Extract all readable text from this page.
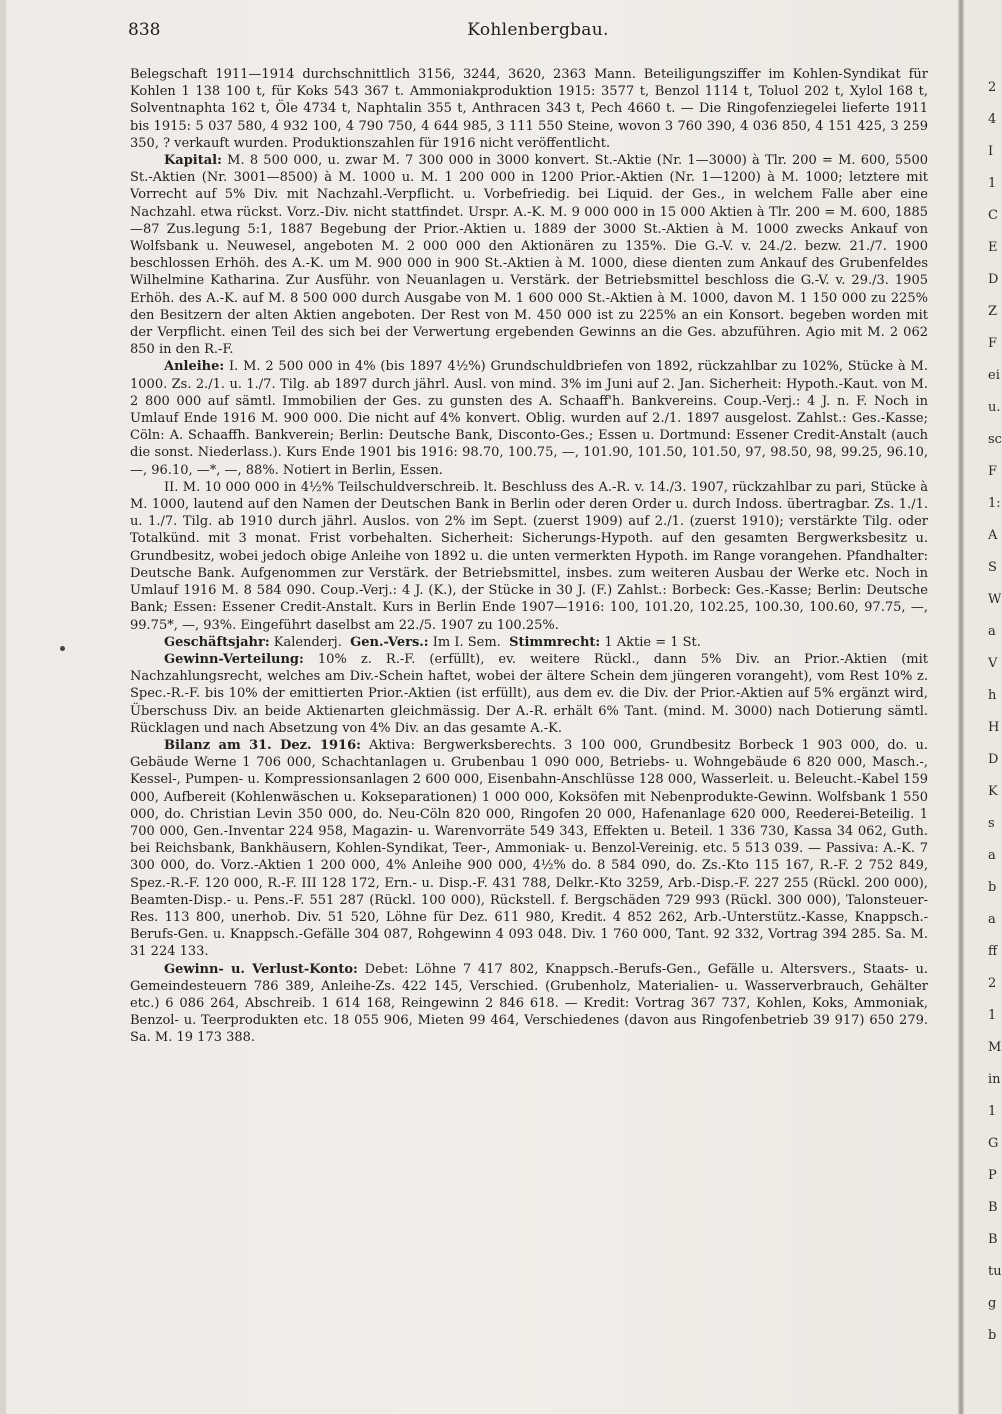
838	Kohlenbergbau.

Belegschaft 1911—1914 durchschnittlich 3156, 3244, 3620, 2363 Mann. Beteiligungsziffer im Kohlen-Syndikat für Kohlen 1 138 100 t, für Koks 543 367 t. Ammoniakproduktion 1915: 3577 t, Benzol 1114 t, Toluol 202 t, Xylol 168 t, Solventnaphta 162 t, Öle 4734 t, Naphtalin 355 t, Anthracen 343 t, Pech 4660 t. — Die Ringofenziegelei lieferte 1911 bis 1915: 5 037 580, 4 932 100, 4 790 750, 4 644 985, 3 111 550 Steine, wovon 3 760 390, 4 036 850, 4 151 425, 3 259 350, ? verkauft wurden. Produktionszahlen für 1916 nicht veröffentlicht.

Kapital: M. 8 500 000, u. zwar M. 7 300 000 in 3000 konvert. St.-Aktie (Nr. 1—3000) à Tlr. 200 = M. 600, 5500 St.-Aktien (Nr. 3001—8500) à M. 1000 u. M. 1 200 000 in 1200 Prior.-Aktien (Nr. 1—1200) à M. 1000; letztere mit Vorrecht auf 5% Div. mit Nachzahl.-Verpflicht. u. Vorbefriedig. bei Liquid. der Ges., in welchem Falle aber eine Nachzahl. etwa rückst. Vorz.-Div. nicht stattfindet. Urspr. A.-K. M. 9 000 000 in 15 000 Aktien à Tlr. 200 = M. 600, 1885—87 Zus.legung 5:1, 1887 Begebung der Prior.-Aktien u. 1889 der 3000 St.-Aktien à M. 1000 zwecks Ankauf von Wolfsbank u. Neuwesel, angeboten M. 2 000 000 den Aktionären zu 135%. Die G.-V. v. 24./2. bezw. 21./7. 1900 beschlossen Erhöh. des A.-K. um M. 900 000 in 900 St.-Aktien à M. 1000, diese dienten zum Ankauf des Grubenfeldes Wilhelmine Katharina. Zur Ausführ. von Neuanlagen u. Verstärk. der Betriebsmittel beschloss die G.-V. v. 29./3. 1905 Erhöh. des A.-K. auf M. 8 500 000 durch Ausgabe von M. 1 600 000 St.-Aktien à M. 1000, davon M. 1 150 000 zu 225% den Besitzern der alten Aktien angeboten. Der Rest von M. 450 000 ist zu 225% an ein Konsort. begeben worden mit der Verpflicht. einen Teil des sich bei der Verwertung ergebenden Gewinns an die Ges. abzuführen. Agio mit M. 2 062 850 in den R.-F.

Anleihe: I. M. 2 500 000 in 4% (bis 1897 4½%) Grundschuldbriefen von 1892, rückzahlbar zu 102%, Stücke à M. 1000. Zs. 2./1. u. 1./7. Tilg. ab 1897 durch jährl. Ausl. von mind. 3% im Juni auf 2. Jan. Sicherheit: Hypoth.-Kaut. von M. 2 800 000 auf sämtl. Immobilien der Ges. zu gunsten des A. Schaaff'h. Bankvereins. Coup.-Verj.: 4 J. n. F. Noch in Umlauf Ende 1916 M. 900 000. Die nicht auf 4% konvert. Oblig. wurden auf 2./1. 1897 ausgelost. Zahlst.: Ges.-Kasse; Cöln: A. Schaaffh. Bankverein; Berlin: Deutsche Bank, Disconto-Ges.; Essen u. Dortmund: Essener Credit-Anstalt (auch die sonst. Niederlass.). Kurs Ende 1901 bis 1916: 98.70, 100.75, —, 101.90, 101.50, 101.50, 97, 98.50, 98, 99.25, 96.10, —, 96.10, —*, —, 88%. Notiert in Berlin, Essen.

II. M. 10 000 000 in 4½% Teilschuldverschreib. lt. Beschluss des A.-R. v. 14./3. 1907, rückzahlbar zu pari, Stücke à M. 1000, lautend auf den Namen der Deutschen Bank in Berlin oder deren Order u. durch Indoss. übertragbar. Zs. 1./1. u. 1./7. Tilg. ab 1910 durch jährl. Auslos. von 2% im Sept. (zuerst 1909) auf 2./1. (zuerst 1910); verstärkte Tilg. oder Totalkünd. mit 3 monat. Frist vorbehalten. Sicherheit: Sicherungs-Hypoth. auf den gesamten Bergwerksbesitz u. Grundbesitz, wobei jedoch obige Anleihe von 1892 u. die unten vermerkten Hypoth. im Range vorangehen. Pfandhalter: Deutsche Bank. Aufgenommen zur Verstärk. der Betriebsmittel, insbes. zum weiteren Ausbau der Werke etc. Noch in Umlauf 1916 M. 8 584 090. Coup.-Verj.: 4 J. (K.), der Stücke in 30 J. (F.) Zahlst.: Borbeck: Ges.-Kasse; Berlin: Deutsche Bank; Essen: Essener Credit-Anstalt. Kurs in Berlin Ende 1907—1916: 100, 101.20, 102.25, 100.30, 100.60, 97.75, —, 99.75*, —, 93%. Eingeführt daselbst am 22./5. 1907 zu 100.25%.

Geschäftsjahr: Kalenderj. Gen.-Vers.: Im I. Sem. Stimmrecht: 1 Aktie = 1 St.

Gewinn-Verteilung: 10% z. R.-F. (erfüllt), ev. weitere Rückl., dann 5% Div. an Prior.-Aktien (mit Nachzahlungsrecht, welches am Div.-Schein haftet, wobei der ältere Schein dem jüngeren vorangeht), vom Rest 10% z. Spec.-R.-F. bis 10% der emittierten Prior.-Aktien (ist erfüllt), aus dem ev. die Div. der Prior.-Aktien auf 5% ergänzt wird, Überschuss Div. an beide Aktienarten gleichmässig. Der A.-R. erhält 6% Tant. (mind. M. 3000) nach Dotierung sämtl. Rücklagen und nach Absetzung von 4% Div. an das gesamte A.-K.

Bilanz am 31. Dez. 1916: Aktiva: Bergwerksberechts. 3 100 000, Grundbesitz Borbeck 1 903 000, do. u. Gebäude Werne 1 706 000, Schachtanlagen u. Grubenbau 1 090 000, Betriebs- u. Wohngebäude 6 820 000, Masch.-, Kessel-, Pumpen- u. Kompressionsanlagen 2 600 000, Eisenbahn-Anschlüsse 128 000, Wasserleit. u. Beleucht.-Kabel 159 000, Aufbereit (Kohlenwäschen u. Kokseparationen) 1 000 000, Koksöfen mit Nebenprodukte-Gewinn. Wolfsbank 1 550 000, do. Christian Levin 350 000, do. Neu-Cöln 820 000, Ringofen 20 000, Hafenanlage 620 000, Reederei-Beteilig. 1 700 000, Gen.-Inventar 224 958, Magazin- u. Warenvorräte 549 343, Effekten u. Beteil. 1 336 730, Kassa 34 062, Guth. bei Reichsbank, Bankhäusern, Kohlen-Syndikat, Teer-, Ammoniak- u. Benzol-Vereinig. etc. 5 513 039. — Passiva: A.-K. 7 300 000, do. Vorz.-Aktien 1 200 000, 4% Anleihe 900 000, 4½% do. 8 584 090, do. Zs.-Kto 115 167, R.-F. 2 752 849, Spez.-R.-F. 120 000, R.-F. III 128 172, Ern.- u. Disp.-F. 431 788, Delkr.-Kto 3259, Arb.-Disp.-F. 227 255 (Rückl. 200 000), Beamten-Disp.- u. Pens.-F. 551 287 (Rückl. 100 000), Rückstell. f. Bergschäden 729 993 (Rückl. 300 000), Talonsteuer-Res. 113 800, unerhob. Div. 51 520, Löhne für Dez. 611 980, Kredit. 4 852 262, Arb.-Unterstütz.-Kasse, Knappsch.-Berufs-Gen. u. Knappsch.-Gefälle 304 087, Rohgewinn 4 093 048. Div. 1 760 000, Tant. 92 332, Vortrag 394 285. Sa. M. 31 224 133.

Gewinn- u. Verlust-Konto: Debet: Löhne 7 417 802, Knappsch.-Berufs-Gen., Gefälle u. Altersvers., Staats- u. Gemeindesteuern 786 389, Anleihe-Zs. 422 145, Verschied. (Grubenholz, Materialien- u. Wasserverbrauch, Gehälter etc.) 6 086 264, Abschreib. 1 614 168, Reingewinn 2 846 618. — Kredit: Vortrag 367 737, Kohlen, Koks, Ammoniak, Benzol- u. Teerprodukten etc. 18 055 906, Mieten 99 464, Verschiedenes (davon aus Ringofenbetrieb 39 917) 650 279. Sa. M. 19 173 388.

2
4
I
1
C
E
D
Z
F
ei
u.
sc
F
1:
A
S
W
a
V
h
H
D
K
s
a
b
a
ff
2
1
M
in
1
G
P
B
B
tu
g
b
